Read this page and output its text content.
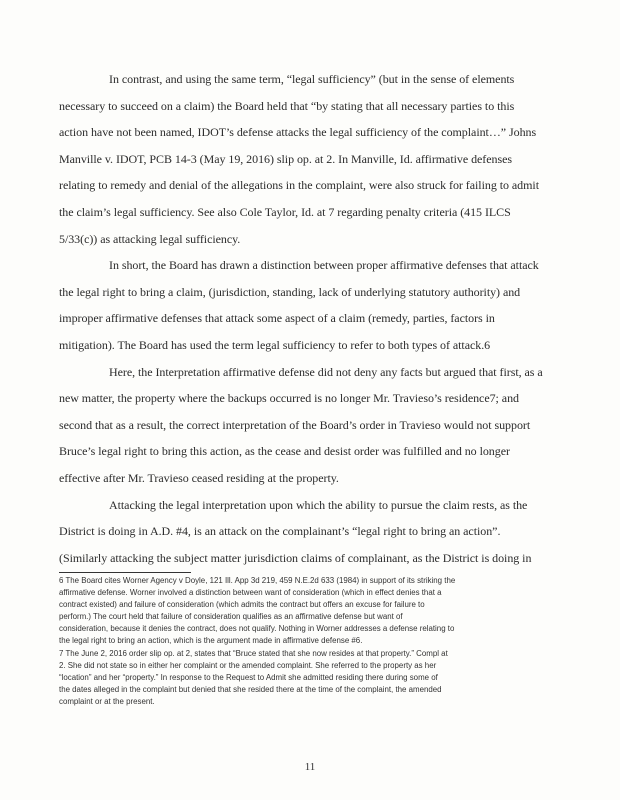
In contrast, and using the same term, “legal sufficiency” (but in the sense of elements
necessary to succeed on a claim) the Board held that “by stating that all necessary parties to this
action have not been named, IDOT’s defense attacks the legal sufficiency of the complaint…” Johns
Manville v. IDOT, PCB 14-3 (May 19, 2016) slip op. at 2. In Manville, Id. affirmative defenses
relating to remedy and denial of the allegations in the complaint, were also struck for failing to admit
the claim’s legal sufficiency. See also Cole Taylor, Id. at 7 regarding penalty criteria (415 ILCS
5/33(c)) as attacking legal sufficiency.
In short, the Board has drawn a distinction between proper affirmative defenses that attack
the legal right to bring a claim, (jurisdiction, standing, lack of underlying statutory authority) and
improper affirmative defenses that attack some aspect of a claim (remedy, parties, factors in
mitigation). The Board has used the term legal sufficiency to refer to both types of attack.6
Here, the Interpretation affirmative defense did not deny any facts but argued that first, as a
new matter, the property where the backups occurred is no longer Mr. Travieso’s residence7; and
second that as a result, the correct interpretation of the Board’s order in Travieso would not support
Bruce’s legal right to bring this action, as the cease and desist order was fulfilled and no longer
effective after Mr. Travieso ceased residing at the property.
Attacking the legal interpretation upon which the ability to pursue the claim rests, as the
District is doing in A.D. #4, is an attack on the complainant’s “legal right to bring an action”.
(Similarly attacking the subject matter jurisdiction claims of complainant, as the District is doing in
6 The Board cites Worner Agency v Doyle, 121 Ill. App 3d 219, 459 N.E.2d 633 (1984) in support of its striking the
affirmative defense. Worner involved a distinction between want of consideration (which in effect denies that a
contract existed) and failure of consideration (which admits the contract but offers an excuse for failure to
perform.) The court held that failure of consideration qualifies as an affirmative defense but want of
consideration, because it denies the contract, does not qualify. Nothing in Worner addresses a defense relating to
the legal right to bring an action, which is the argument made in affirmative defense #6.
7 The June 2, 2016 order slip op. at 2, states that “Bruce stated that she now resides at that property.” Compl at
2. She did not state so in either her complaint or the amended complaint. She referred to the property as her
“location” and her “property.” In response to the Request to Admit she admitted residing there during some of
the dates alleged in the complaint but denied that she resided there at the time of the complaint, the amended
complaint or at the present.
11
